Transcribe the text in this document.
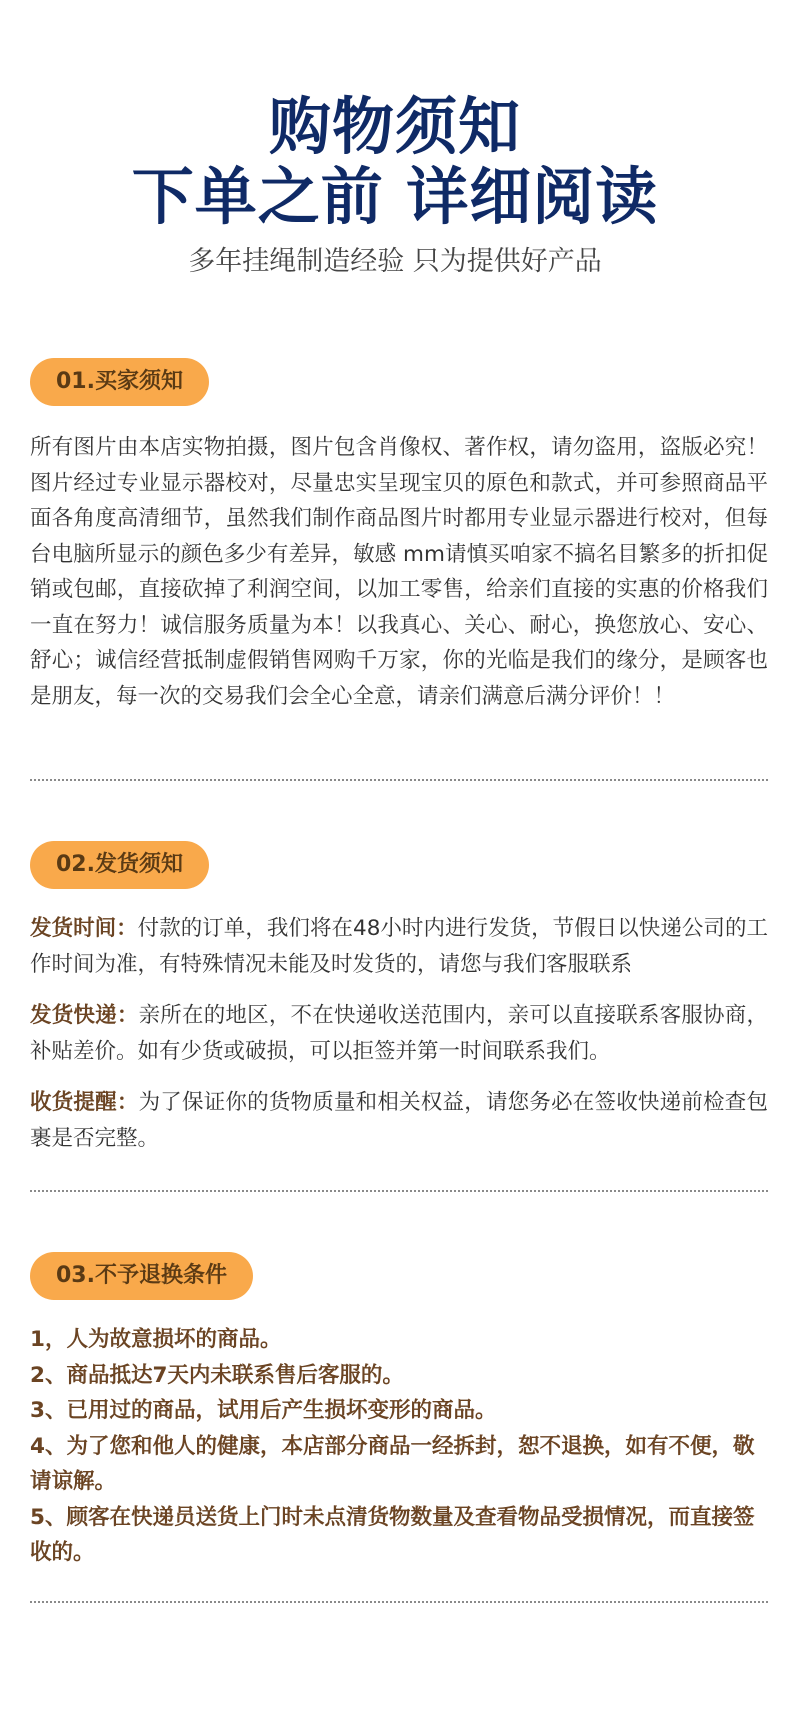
购物须知
下单之前 详细阅读
多年挂绳制造经验 只为提供好产品
01.买家须知

所有图片由本店实物拍摄，图片包含肖像权、著作权，请勿盗用，盗版必究！图片经过专业显示器校对，尽量忠实呈现宝贝的原色和款式，并可参照商品平面各角度高清细节，虽然我们制作商品图片时都用专业显示器进行校对，但每台电脑所显示的颜色多少有差异，敏感 mm请慎买咱家不搞名目繁多的折扣促销或包邮，直接砍掉了利润空间，以加工零售，给亲们直接的实惠的价格我们一直在努力！诚信服务质量为本！以我真心、关心、耐心，换您放心、安心、舒心；诚信经营抵制虚假销售网购千万家，你的光临是我们的缘分，是顾客也是朋友，每一次的交易我们会全心全意，请亲们满意后满分评价！！

02.发货须知

发货时间：付款的订单，我们将在48小时内进行发货，节假日以快递公司的工作时间为准，有特殊情况未能及时发货的，请您与我们客服联系

发货快递：亲所在的地区，不在快递收送范围内，亲可以直接联系客服协商，补贴差价。如有少货或破损，可以拒签并第一时间联系我们。

收货提醒：为了保证你的货物质量和相关权益，请您务必在签收快递前检查包裹是否完整。

03.不予退换条件
1，人为故意损坏的商品。
2、商品抵达7天内未联系售后客服的。
3、已用过的商品，试用后产生损坏变形的商品。
4、为了您和他人的健康，本店部分商品一经拆封，恕不退换，如有不便，敬请谅解。
5、顾客在快递员送货上门时未点清货物数量及查看物品受损情况，而直接签收的。
